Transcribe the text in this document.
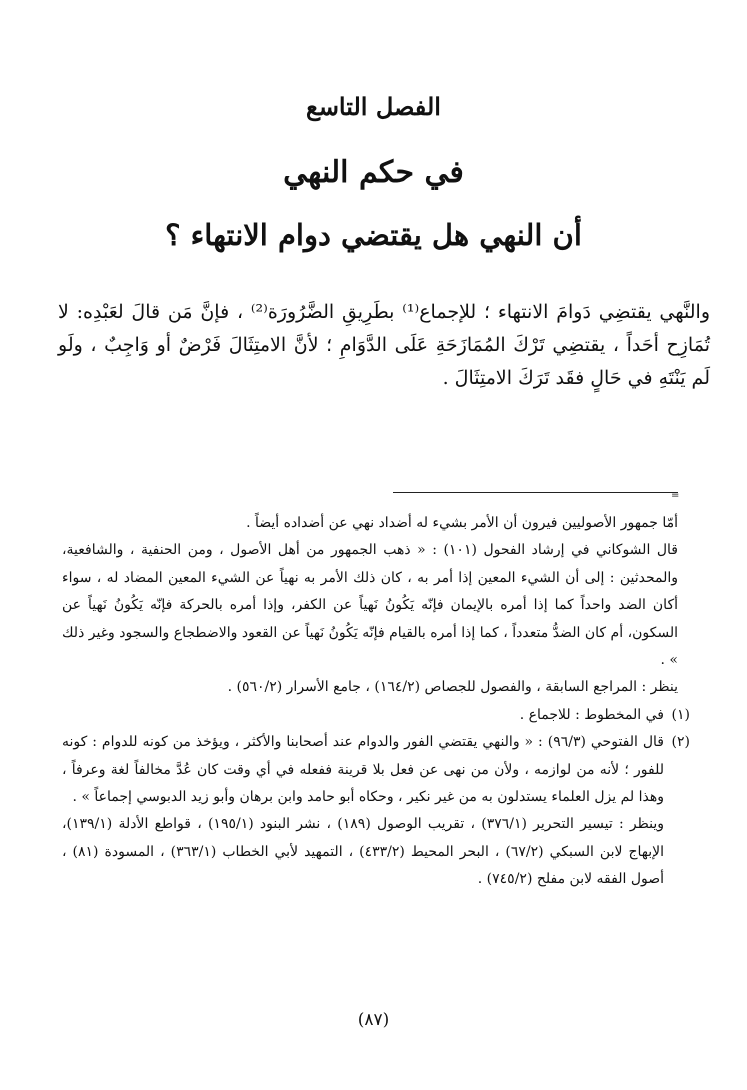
الفصل التاسع
في حكم النهي
أن النهي هل يقتضي دوام الانتهاء ؟

والنَّهي يقتضِي دَوامَ الانتهاء ؛ للإجماع⁽¹⁾ بطَرِيقِ الضَّرُورَة⁽²⁾ ، فإنَّ مَن قالَ لعَبْدِه: لا تُمَازِح أحَداً ، يقتضِي تَرْكَ المُمَازَحَةِ عَلَى الدَّوَامِ ؛ لأنَّ الامتِثَالَ فَرْضٌ أو وَاجِبٌ ، ولَو لَم يَنْتَهِ في حَالٍ فقَد تَرَكَ الامتِثَالَ .

=

أمّا جمهور الأصوليين فيرون أن الأمر بشيء له أضداد نهي عن أضداده أيضاً .

قال الشوكاني في إرشاد الفحول (١٠١) : « ذهب الجمهور من أهل الأصول ، ومن الحنفية ، والشافعية، والمحدثين : إلى أن الشيء المعين إذا أمر به ، كان ذلك الأمر به نهياً عن الشيء المعين المضاد له ، سواء أكان الضد واحداً كما إذا أمره بالإيمان فإنّه يَكُونُ نَهياً عن الكفر، وإذا أمره بالحركة فإنّه يَكُونُ نَهياً عن السكون، أم كان الضدُّ متعدداً ، كما إذا أمره بالقيام فإنّه يَكُونُ نَهياً عن القعود والاضطجاع والسجود وغير ذلك » .

ينظر : المراجع السابقة ، والفصول للجصاص (١٦٤/٢) ، جامع الأسرار (٥٦٠/٢) .

(١)

في المخطوط : للاجماع .

(٢)

قال الفتوحي (٩٦/٣) : « والنهي يقتضي الفور والدوام عند أصحابنا والأكثر ، ويؤخذ من كونه للدوام : كونه للفور ؛ لأنه من لوازمه ، ولأن من نهى عن فعل بلا قرينة ففعله في أي وقت كان عُدَّ مخالفاً لغة وعرفاً ، وهذا لم يزل العلماء يستدلون به من غير نكير ، وحكاه أبو حامد وابن برهان وأبو زيد الدبوسي إجماعاً » .

وينظر : تيسير التحرير (٣٧٦/١) ، تقريب الوصول (١٨٩) ، نشر البنود (١٩٥/١) ، قواطع الأدلة (١٣٩/١)، الإبهاج لابن السبكي (٦٧/٢) ، البحر المحيط (٤٣٣/٢) ، التمهيد لأبي الخطاب (٣٦٣/١) ، المسودة (٨١) ، أصول الفقه لابن مفلح (٧٤٥/٢) .

(٨٧)
